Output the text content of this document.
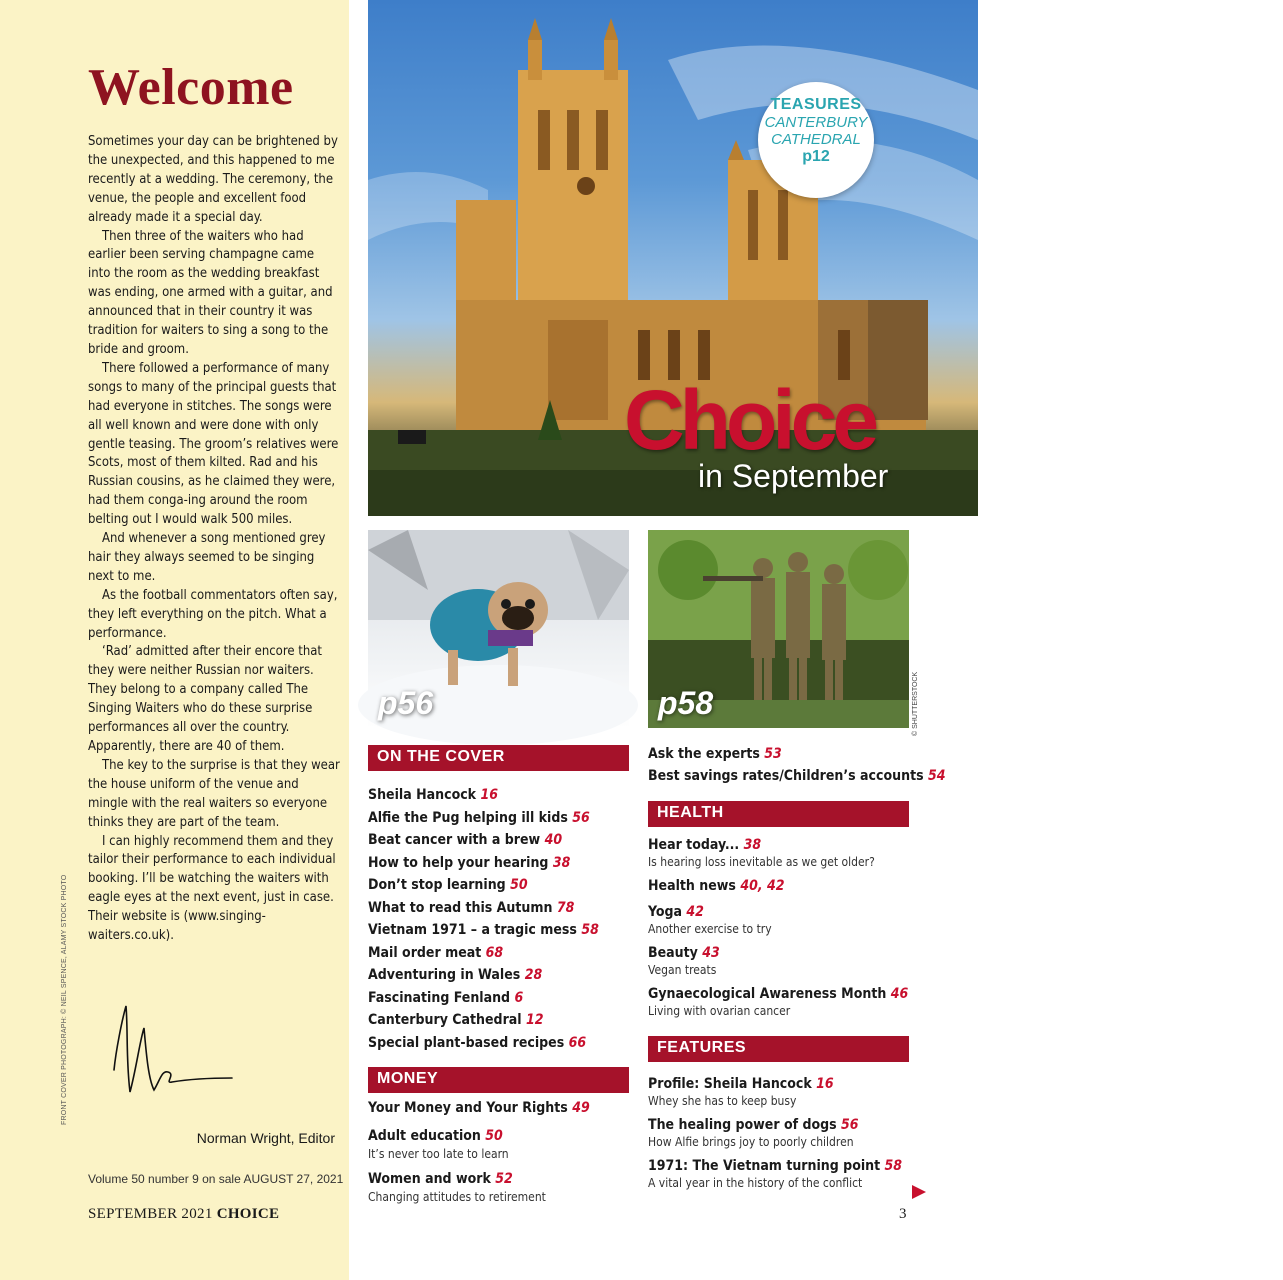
Welcome

Sometimes your day can be brightened by the unexpected, and this happened to me recently at a wedding. The ceremony, the venue, the people and excellent food already made it a special day.

Then three of the waiters who had earlier been serving champagne came into the room as the wedding breakfast was ending, one armed with a guitar, and announced that in their country it was tradition for waiters to sing a song to the bride and groom.

There followed a performance of many songs to many of the principal guests that had everyone in stitches. The songs were all well known and were done with only gentle teasing. The groom’s relatives were Scots, most of them kilted. Rad and his Russian cousins, as he claimed they were, had them conga-ing around the room belting out I would walk 500 miles.

And whenever a song mentioned grey hair they always seemed to be singing next to me.

As the football commentators often say, they left everything on the pitch. What a performance.

‘Rad’ admitted after their encore that they were neither Russian nor waiters. They belong to a company called The Singing Waiters who do these surprise performances all over the country. Apparently, there are 40 of them.

The key to the surprise is that they wear the house uniform of the venue and mingle with the real waiters so everyone thinks they are part of the team.

I can highly recommend them and they tailor their performance to each individual booking. I’ll be watching the waiters with eagle eyes at the next event, just in case. Their website is (www.singing-waiters.co.uk).

FRONT COVER PHOTOGRAPH: © NEIL SPENCE, ALAMY STOCK PHOTO
Norman Wright, Editor
Volume 50 number 9 on sale AUGUST 27, 2021
SEPTEMBER 2021 CHOICE
TEASURES
CANTERBURY
CATHEDRAL
p12
© I I I PBR •
Choice
in September
p56	p58	© SHUTTERSTOCK
ON THE COVER
Sheila Hancock 16
Alfie the Pug helping ill kids 56
Beat cancer with a brew 40
How to help your hearing 38
Don’t stop learning 50
What to read this Autumn 78
Vietnam 1971 – a tragic mess 58
Mail order meat 68
Adventuring in Wales 28
Fascinating Fenland 6
Canterbury Cathedral 12
Special plant-based recipes 66
MONEY
Your Money and Your Rights 49
Adult education 50
It’s never too late to learn
Women and work 52
Changing attitudes to retirement
Ask the experts 53
Best savings rates/Children’s accounts 54
HEALTH
Hear today... 38
Is hearing loss inevitable as we get older?
Health news 40, 42
Yoga 42
Another exercise to try
Beauty 43
Vegan treats
Gynaecological Awareness Month 46
Living with ovarian cancer
FEATURES
Profile: Sheila Hancock 16
Whey she has to keep busy
The healing power of dogs 56
How Alfie brings joy to poorly children
1971: The Vietnam turning point 58
A vital year in the history of the conflict
3
